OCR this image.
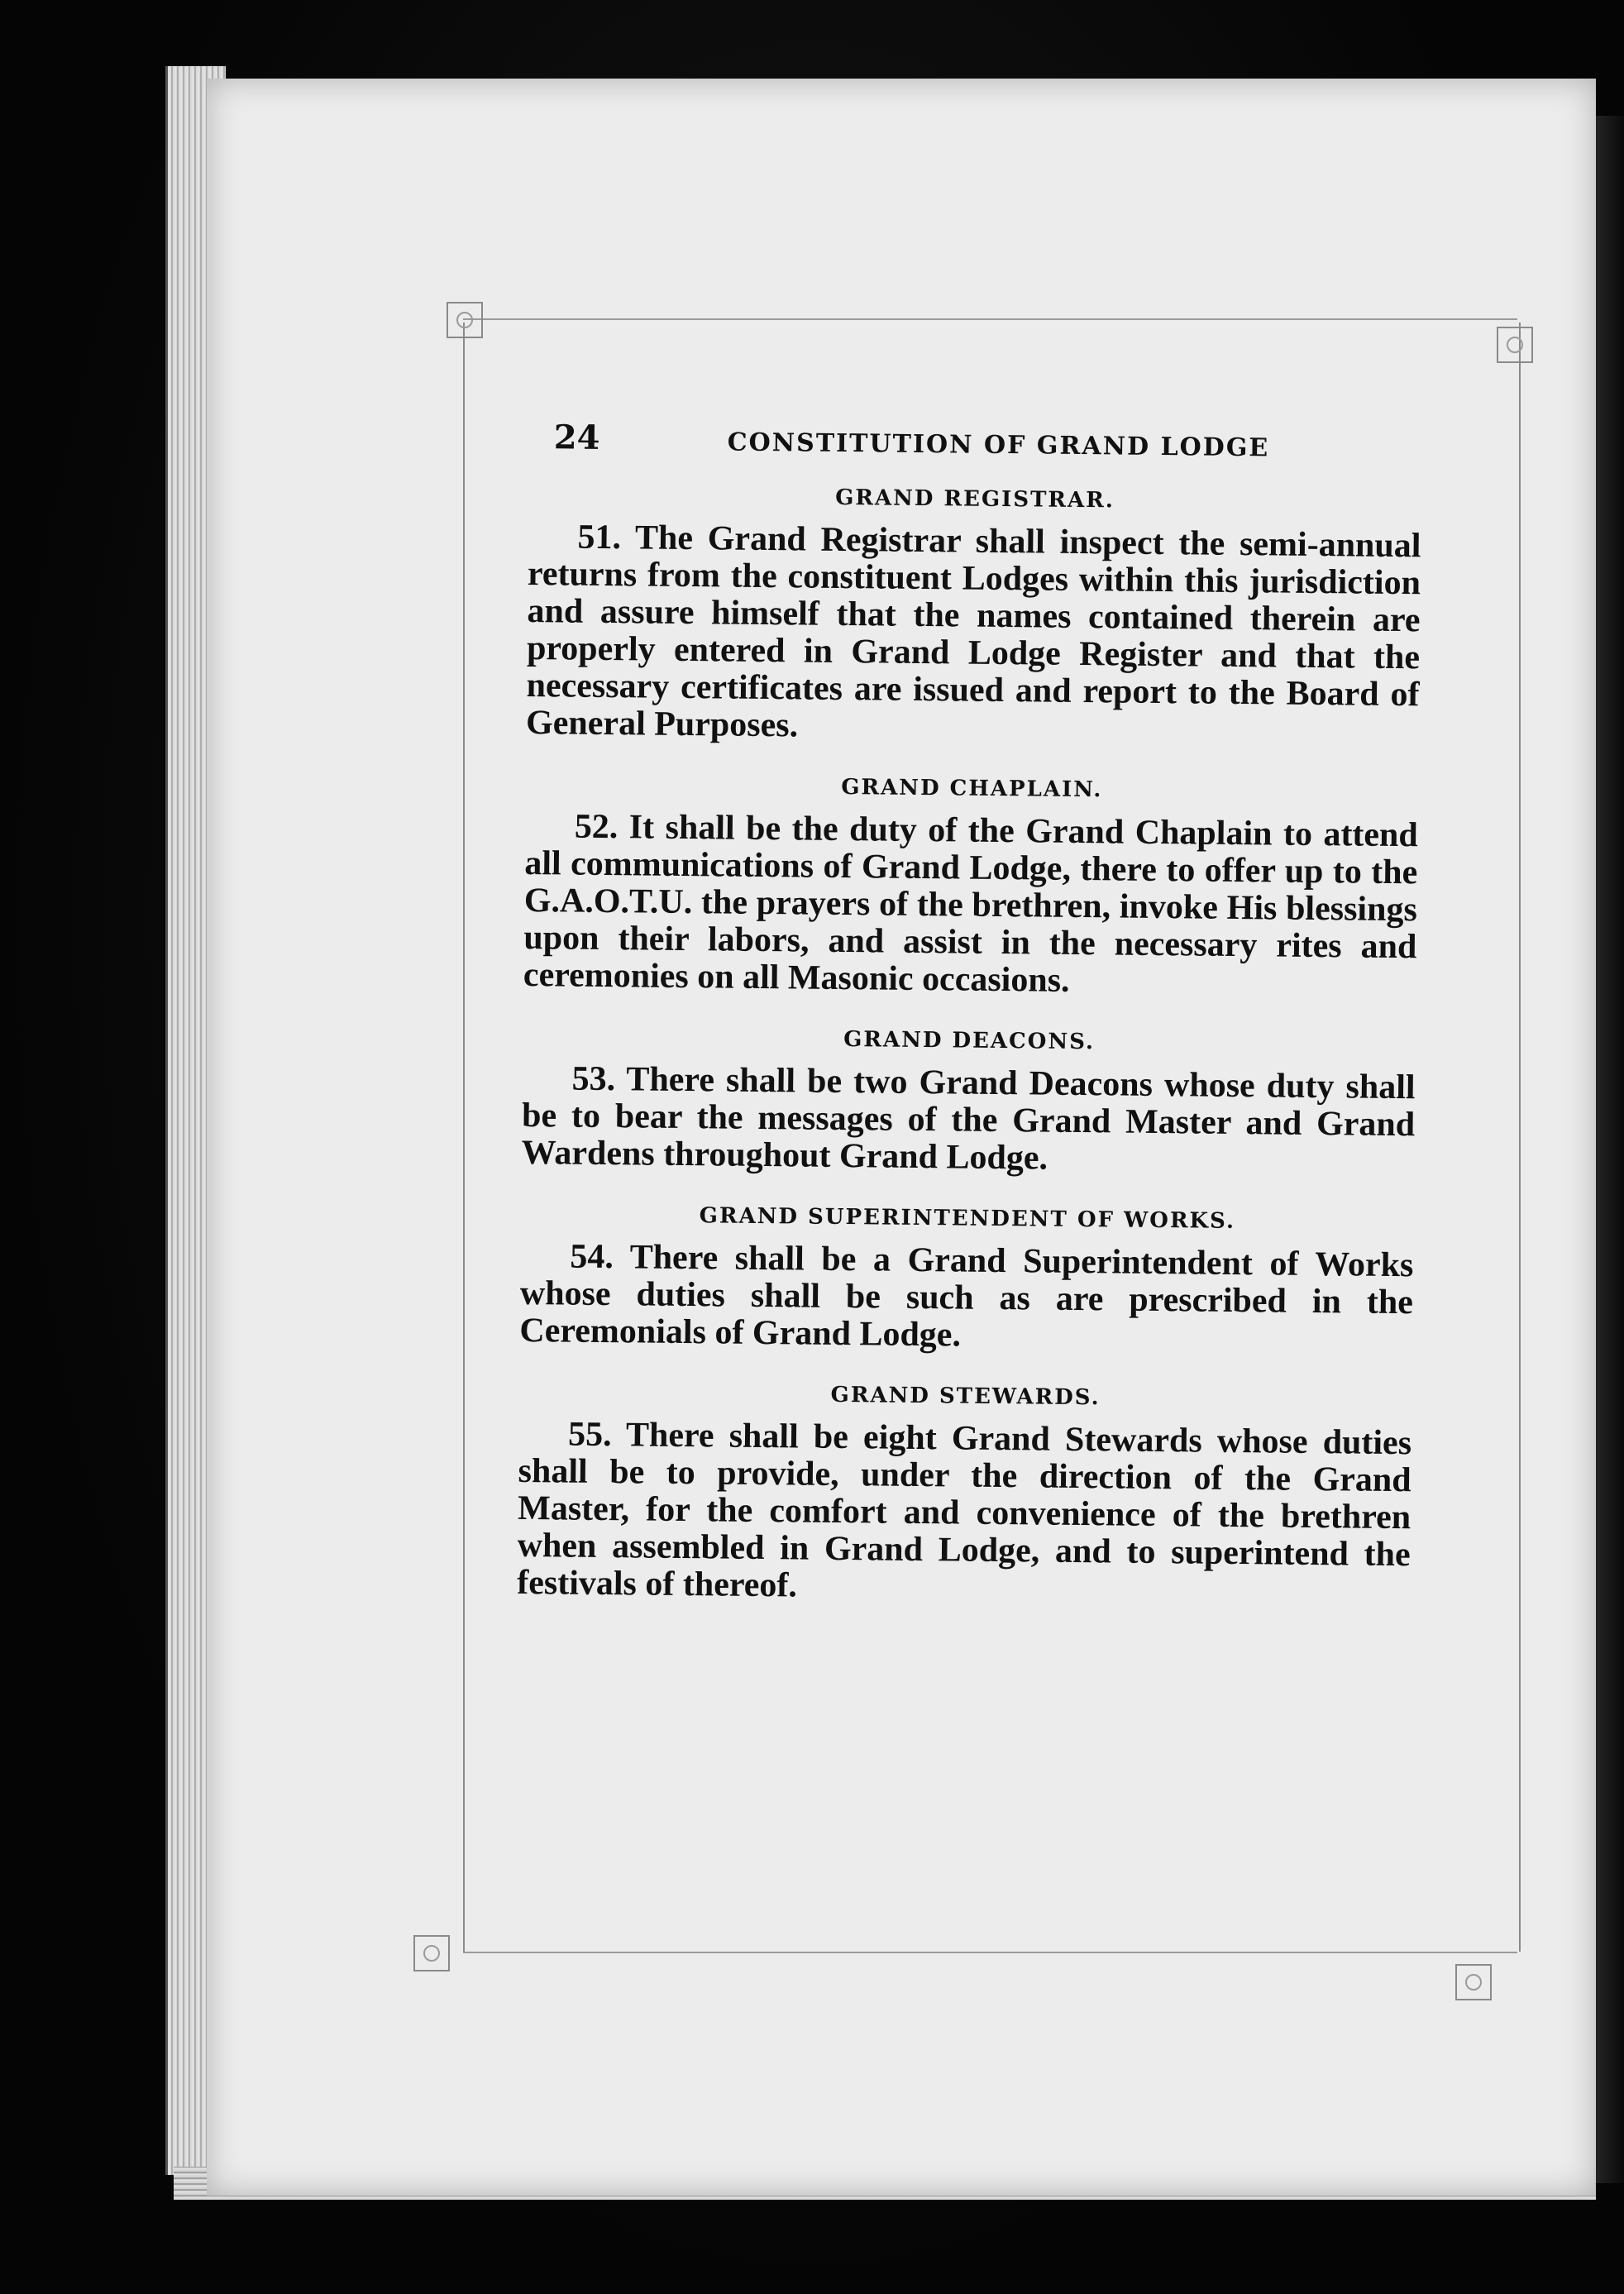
24	CONSTITUTION OF GRAND LODGE
GRAND REGISTRAR.

51. The Grand Registrar shall inspect the semi-annual returns from the constituent Lodges within this jurisdiction and assure himself that the names contained therein are properly entered in Grand Lodge Register and that the necessary certificates are issued and report to the Board of General Purposes.

GRAND CHAPLAIN.

52. It shall be the duty of the Grand Chaplain to attend all communications of Grand Lodge, there to offer up to the G.A.O.T.U. the prayers of the brethren, invoke His blessings upon their labors, and assist in the necessary rites and ceremonies on all Masonic occasions.

GRAND DEACONS.

53. There shall be two Grand Deacons whose duty shall be to bear the messages of the Grand Master and Grand Wardens throughout Grand Lodge.

GRAND SUPERINTENDENT OF WORKS.

54. There shall be a Grand Superintendent of Works whose duties shall be such as are prescribed in the Ceremonials of Grand Lodge.

GRAND STEWARDS.

55. There shall be eight Grand Stewards whose duties shall be to provide, under the direction of the Grand Master, for the comfort and convenience of the brethren when assembled in Grand Lodge, and to superintend the festivals of thereof.
